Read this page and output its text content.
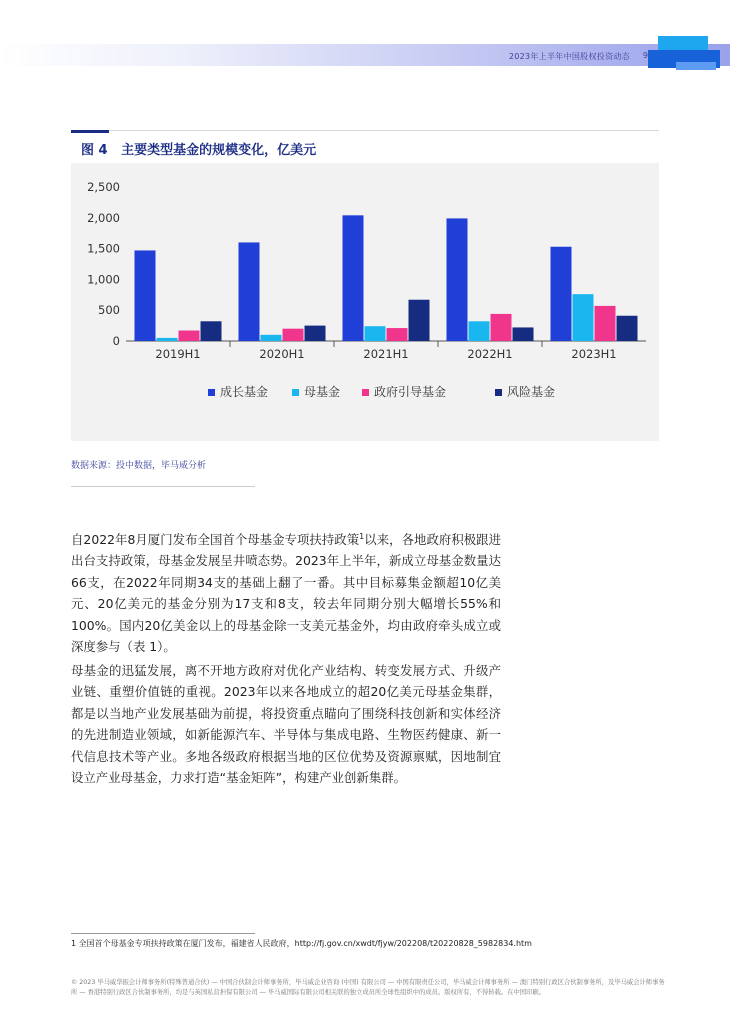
2023年上半年中国股权投资动态 9
图 4 主要类型基金的规模变化，亿美元
0
500
1,000
1,500
2,000
2,500
2019H1	2020H1	2021H1	2022H1	2023H1
成长基金	母基金	政府引导基金	风险基金
数据来源：投中数据，毕马威分析
自2022年8月厦门发布全国首个母基金专项扶持政策$^1$以来，各地政府积极跟进出台支持政策，母基金发展呈井喷态势。2023年上半年，新成立母基金数量达66支，在2022年同期34支的基础上翻了一番。其中目标募集金额超10亿美元、20亿美元的基金分别为17支和8支，较去年同期分别大幅增长55%和100%。国内20亿美金以上的母基金除一支美元基金外，均由政府牵头成立或深度参与（表 1）。
母基金的迅猛发展，离不开地方政府对优化产业结构、转变发展方式、升级产业链、重塑价值链的重视。2023年以来各地成立的超20亿美元母基金集群，都是以当地产业发展基础为前提，将投资重点瞄向了围绕科技创新和实体经济的先进制造业领域，如新能源汽车、半导体与集成电路、生物医药健康、新一代信息技术等产业。多地各级政府根据当地的区位优势及资源禀赋，因地制宜设立产业母基金，力求打造“基金矩阵”，构建产业创新集群。
1 全国首个母基金专项扶持政策在厦门发布，福建省人民政府，http://fj.gov.cn/xwdt/fjyw/202208/t20220828_5982834.htm
© 2023 毕马威华振会计师事务所(特殊普通合伙) — 中国合伙制会计师事务所，毕马威企业咨询 (中国) 有限公司 — 中国有限责任公司，毕马威会计师事务所 — 澳门特别行政区合伙制事务所，及毕马威会计师事务所 — 香港特别行政区合伙制事务所，均是与英国私营担保有限公司 — 毕马威国际有限公司相关联的独立成员所全球性组织中的成员。版权所有，不得转载。在中国印刷。
